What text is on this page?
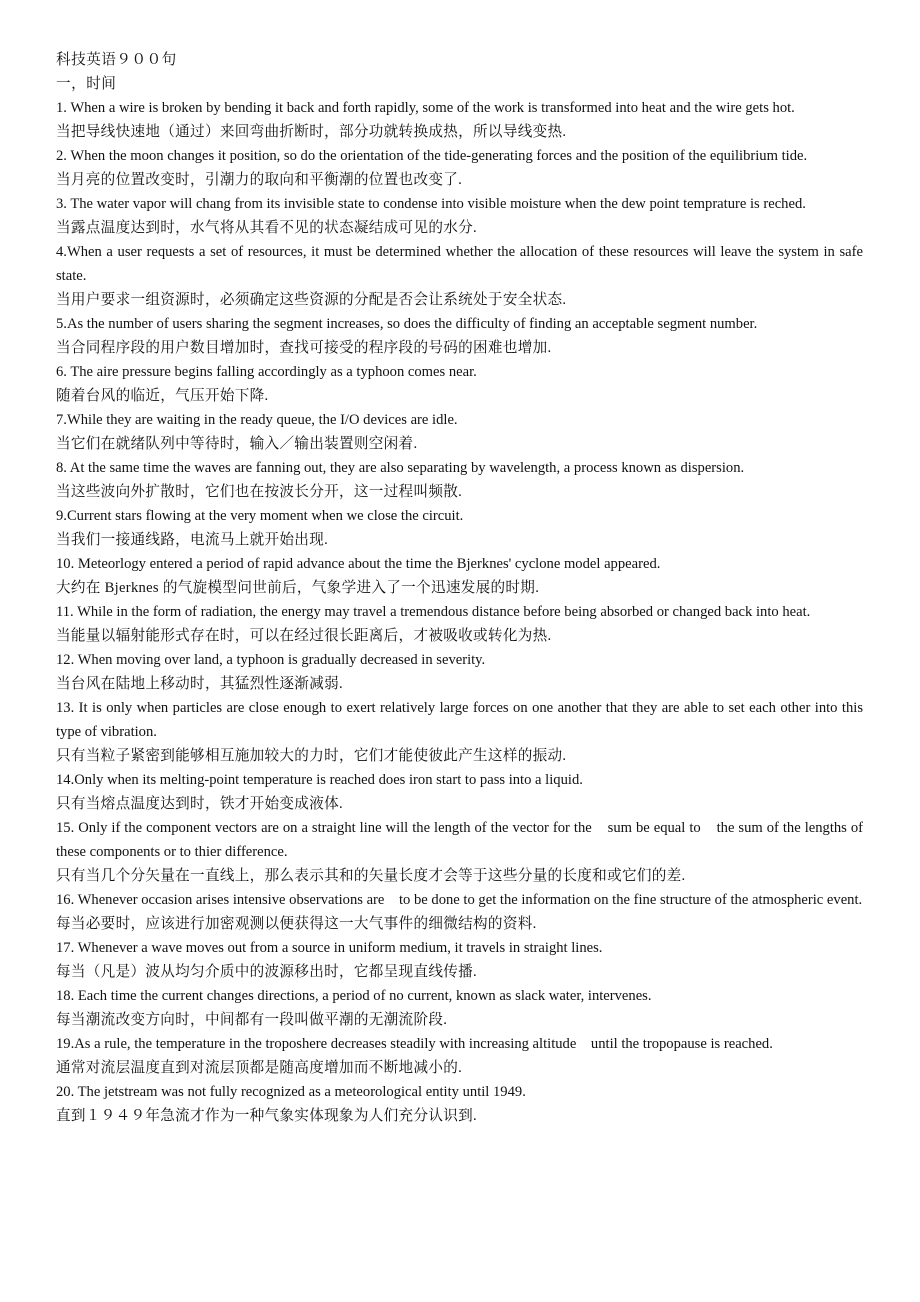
科技英语９００句

一，时间

1. When a wire is broken by bending it back and forth rapidly, some of the work is transformed into heat and the wire gets hot.

当把导线快速地（通过）来回弯曲折断时，部分功就转换成热，所以导线变热.

2. When the moon changes it position, so do the orientation of the tide-generating forces and the position of the equilibrium tide.

当月亮的位置改变时，引潮力的取向和平衡潮的位置也改变了.

3. The water vapor will chang from its invisible state to condense into visible moisture when the dew point temprature is reched.

当露点温度达到时，水气将从其看不见的状态凝结成可见的水分.

4.When a user requests a set of resources, it must be determined whether the allocation of these resources will leave the system in safe state.

当用户要求一组资源时，必须确定这些资源的分配是否会让系统处于安全状态.

5.As the number of users sharing the segment increases, so does the difficulty of finding an acceptable segment number.

当合同程序段的用户数目增加时，查找可接受的程序段的号码的困难也增加.

6. The aire pressure begins falling accordingly as a typhoon comes near.

随着台风的临近，气压开始下降.

7.While they are waiting in the ready queue, the I/O devices are idle.

当它们在就绪队列中等待时，输入／输出装置则空闲着.

8. At the same time the waves are fanning out, they are also separating by wavelength, a process known as dispersion.

当这些波向外扩散时，它们也在按波长分开，这一过程叫频散.

9.Current stars flowing at the very moment when we close the circuit.

当我们一接通线路，电流马上就开始出现.

10. Meteorlogy entered a period of rapid advance about the time the Bjerknes' cyclone model appeared.

大约在 Bjerknes 的气旋模型问世前后，气象学进入了一个迅速发展的时期.

11. While in the form of radiation, the energy may travel a tremendous distance before being absorbed or changed back into heat.

当能量以辐射能形式存在时，可以在经过很长距离后，才被吸收或转化为热.

12. When moving over land, a typhoon is gradually decreased in severity.

当台风在陆地上移动时，其猛烈性逐渐减弱.

13. It is only when particles are close enough to exert relatively large forces on one another that they are able to set each other into this type of vibration.

只有当粒子紧密到能够相互施加较大的力时，它们才能使彼此产生这样的振动.

14.Only when its melting-point temperature is reached does iron start to pass into a liquid.

只有当熔点温度达到时，铁才开始变成液体.

15. Only if the component vectors are on a straight line will the length of the vector for the    sum be equal to    the sum of the lengths of these components or to thier difference.

只有当几个分矢量在一直线上，那么表示其和的矢量长度才会等于这些分量的长度和或它们的差.

16. Whenever occasion arises intensive observations are    to be done to get the information on the fine structure of the atmospheric event.

每当必要时，应该进行加密观测以便获得这一大气事件的细微结构的资料.

17. Whenever a wave moves out from a source in uniform medium, it travels in straight lines.

每当（凡是）波从均匀介质中的波源移出时，它都呈现直线传播.

18. Each time the current changes directions, a period of no current, known as slack water, intervenes.

每当潮流改变方向时，中间都有一段叫做平潮的无潮流阶段.

19.As a rule, the temperature in the troposhere decreases steadily with increasing altitude    until the tropopause is reached.

通常对流层温度直到对流层顶都是随高度增加而不断地减小的.

20. The jetstream was not fully recognized as a meteorological entity until 1949.

直到１９４９年急流才作为一种气象实体现象为人们充分认识到.
